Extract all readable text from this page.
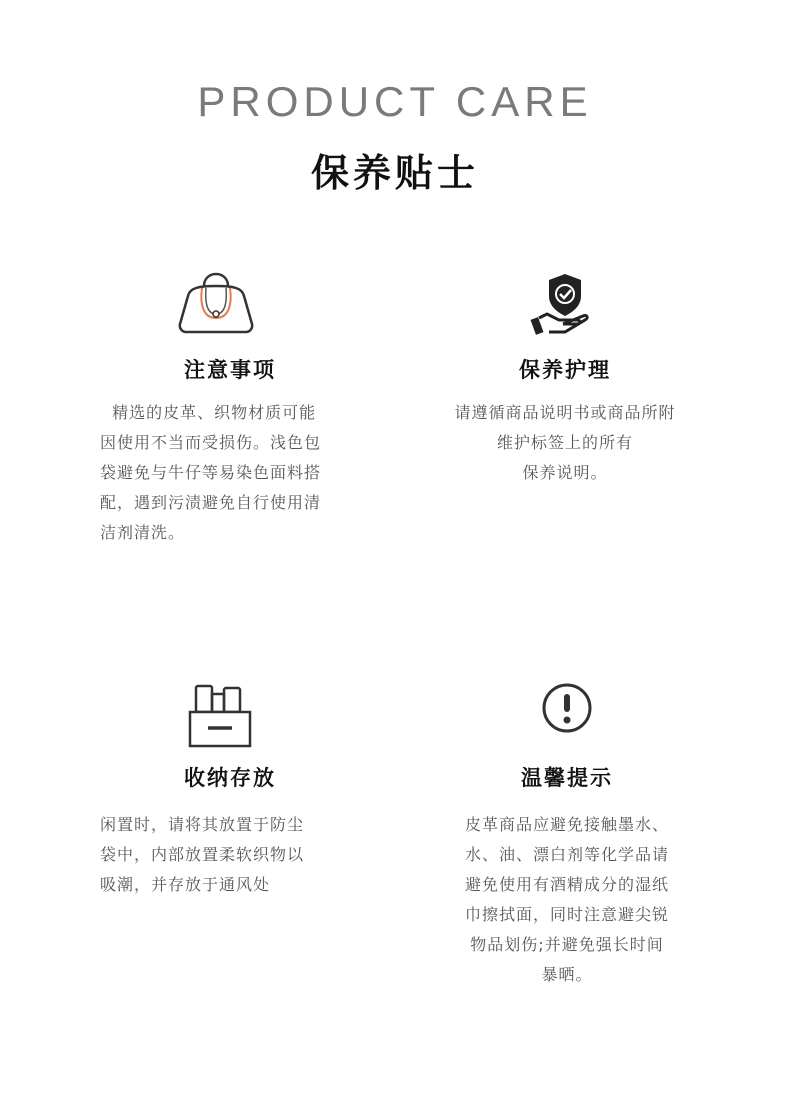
PRODUCT CARE
保养贴士
注意事项
精选的皮革、织物材质可能
因使用不当而受损伤。浅色包
袋避免与牛仔等易染色面料搭
配，遇到污渍避免自行使用清
洁剂清洗。
保养护理
请遵循商品说明书或商品所附
维护标签上的所有
保养说明。
收纳存放
闲置时，请将其放置于防尘
袋中，内部放置柔软织物以
吸潮，并存放于通风处
温馨提示
皮革商品应避免接触墨水、
水、油、漂白剂等化学品请
避免使用有酒精成分的湿纸
巾擦拭面，同时注意避尖锐
物品划伤;并避免强长时间
暴晒。
